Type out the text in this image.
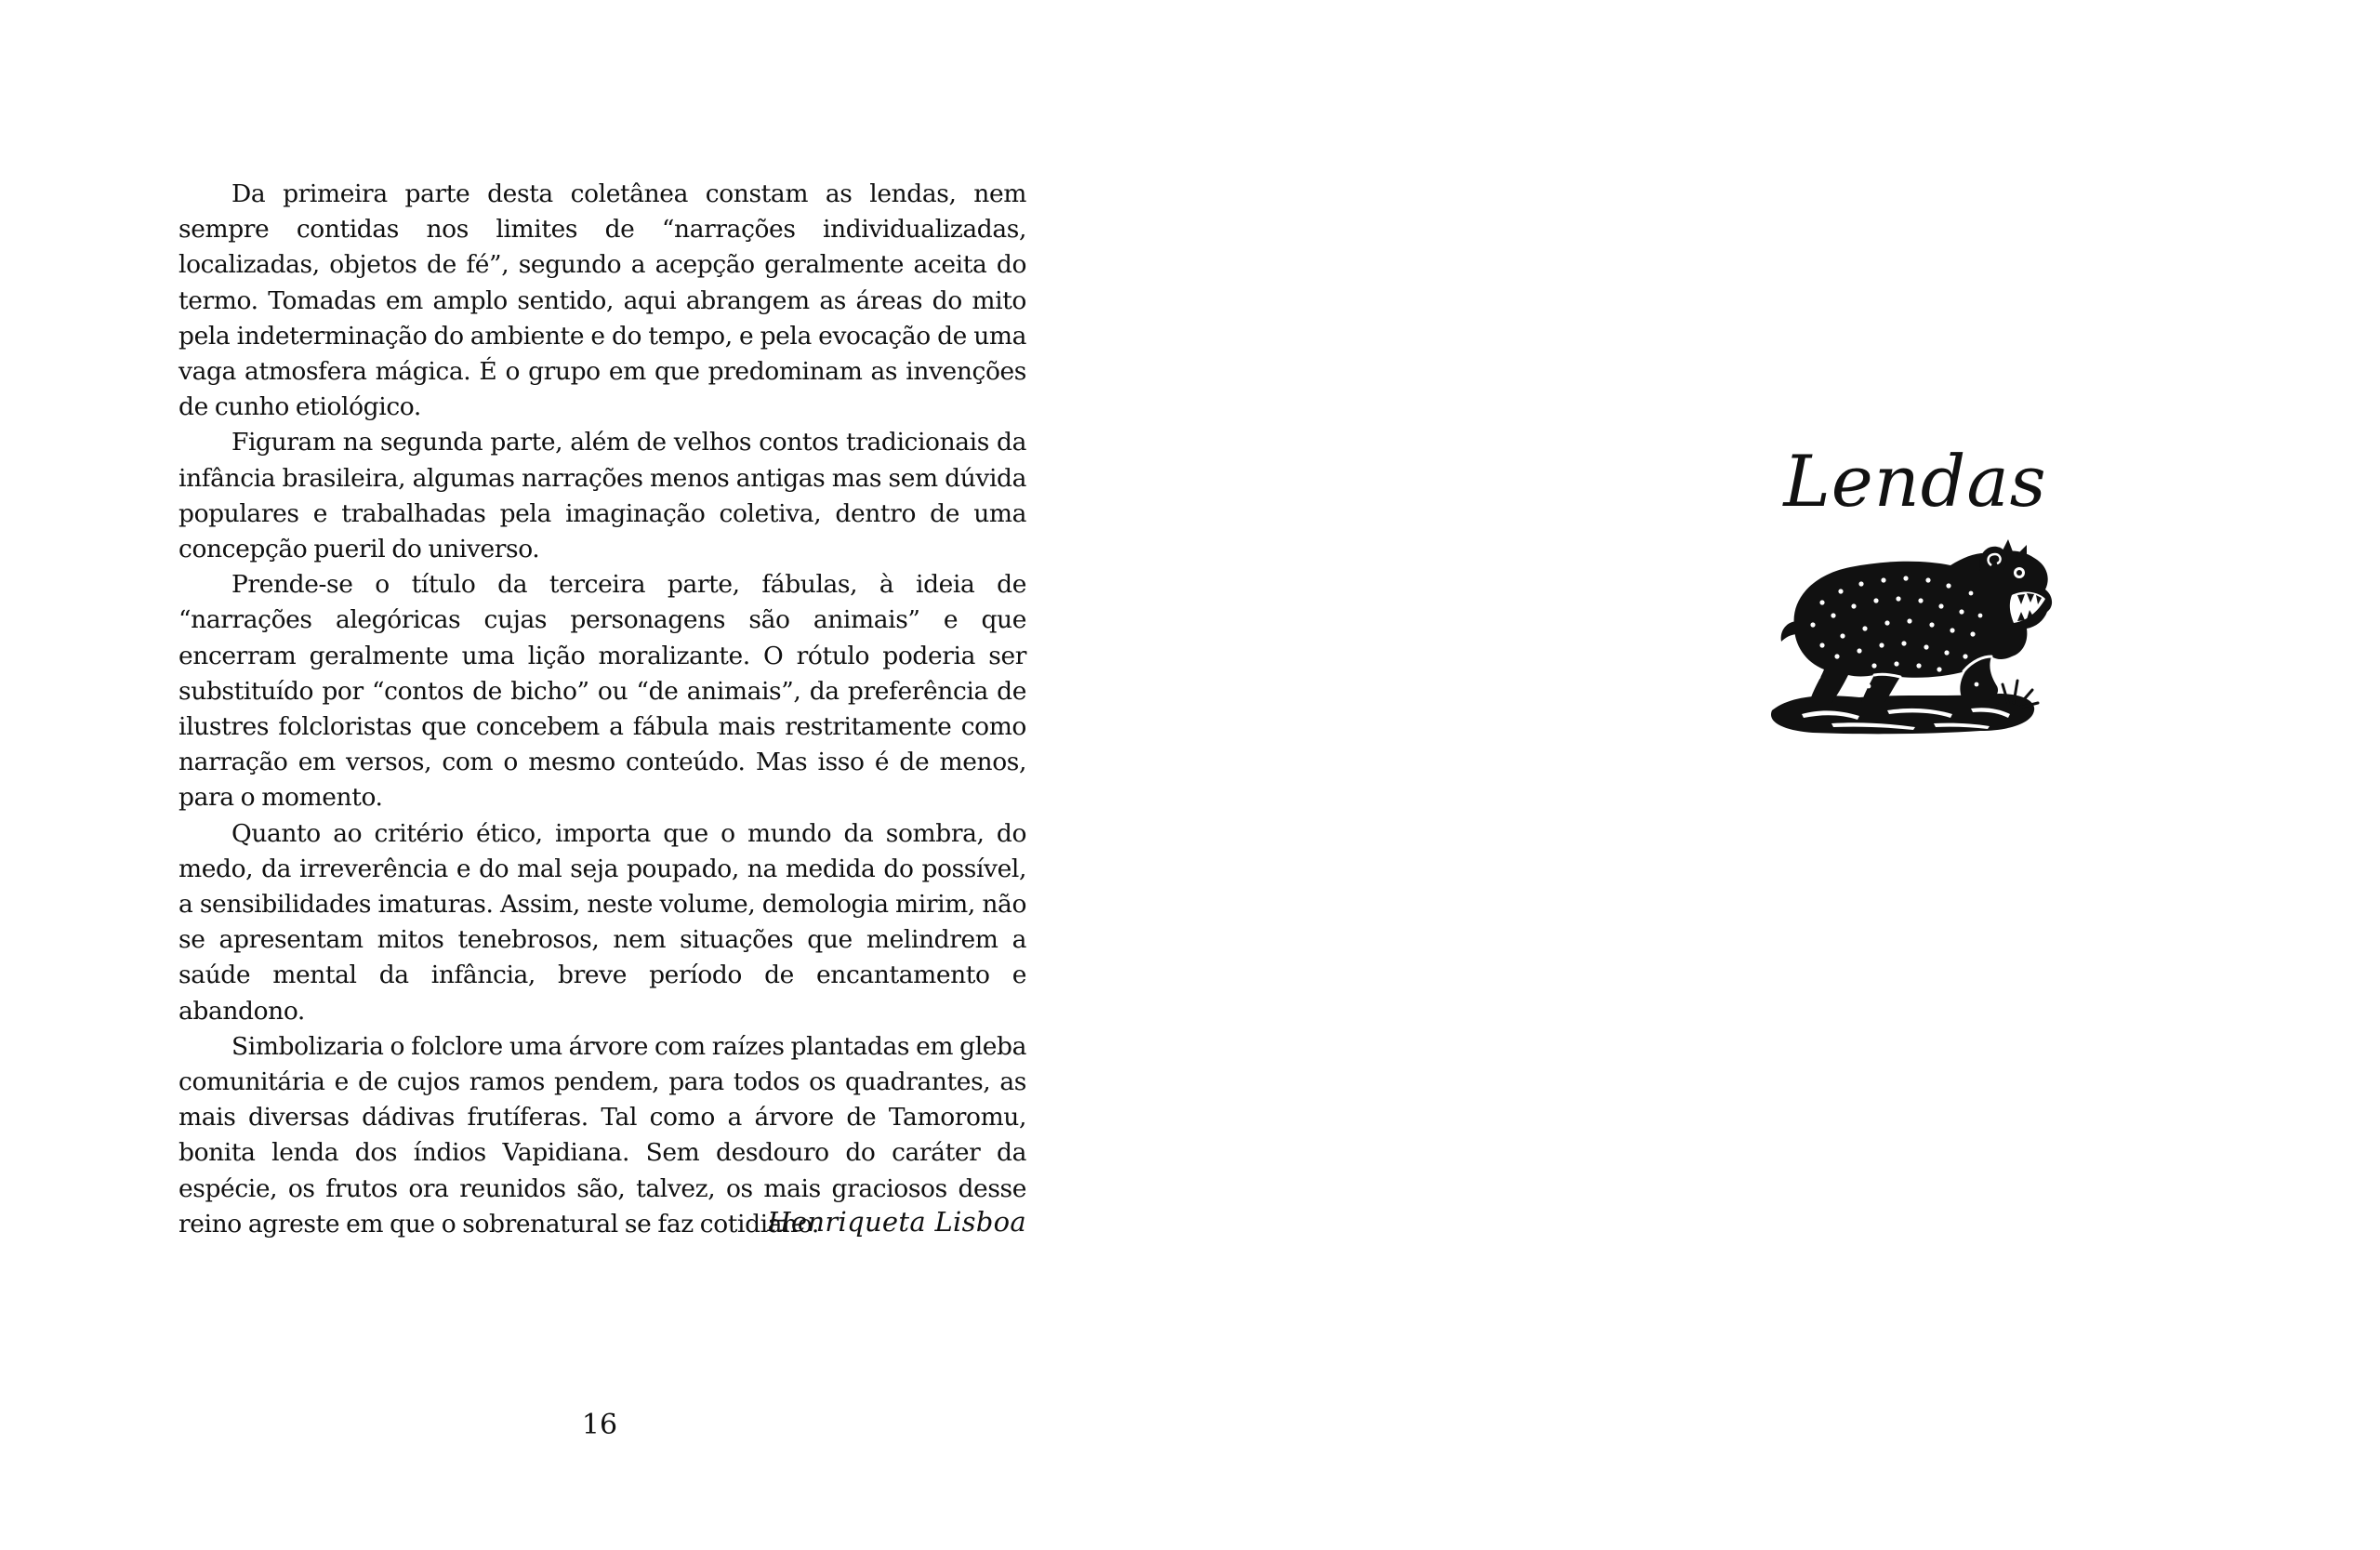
Da primeira parte desta coletânea constam as lendas, nem sempre contidas nos limites de “narrações individualizadas, localizadas, objetos de fé”, segundo a acepção geralmente aceita do termo. Tomadas em amplo sentido, aqui abrangem as áreas do mito pela indeterminação do ambiente e do tempo, e pela evocação de uma vaga atmosfera mágica. É o grupo em que predominam as invenções de cunho etiológico.

Figuram na segunda parte, além de velhos contos tradicionais da infância brasileira, algumas narrações menos antigas mas sem dúvida populares e trabalhadas pela imaginação coletiva, dentro de uma concepção pueril do universo.

Prende-se o título da terceira parte, fábulas, à ideia de “narrações alegóricas cujas personagens são animais” e que encerram geralmente uma lição moralizante. O rótulo poderia ser substituído por “contos de bicho” ou “de animais”, da preferência de ilustres folcloristas que concebem a fábula mais restritamente como narração em versos, com o mesmo conteúdo. Mas isso é de menos, para o momento.

Quanto ao critério ético, importa que o mundo da sombra, do medo, da irreverência e do mal seja poupado, na medida do possível, a sensibilidades imaturas. Assim, neste volume, demologia mirim, não se apresentam mitos tenebrosos, nem situações que melindrem a saúde mental da infância, breve período de encantamento e abandono.

Simbolizaria o folclore uma árvore com raízes plantadas em gleba comunitária e de cujos ramos pendem, para todos os quadrantes, as mais diversas dádivas frutíferas. Tal como a árvore de Tamoromu, bonita lenda dos índios Vapidiana. Sem desdouro do caráter da espécie, os frutos ora reunidos são, talvez, os mais graciosos desse reino agreste em que o sobrenatural se faz cotidiano.

Henriqueta Lisboa
16
Lendas
